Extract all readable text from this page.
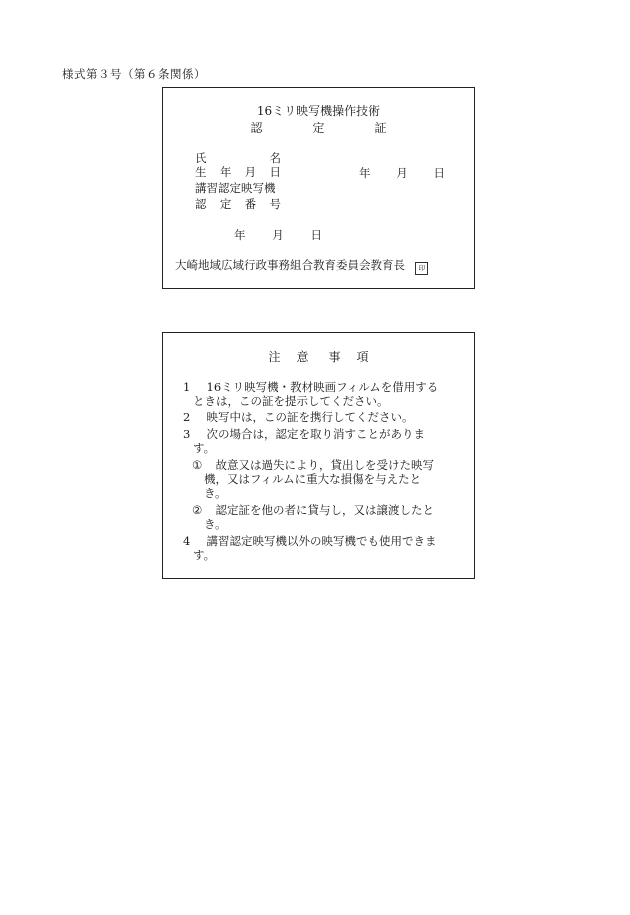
様式第３号（第６条関係）
16ミリ映写機操作技術
認	定	証
氏	名
生 年 月 日	年 月 日
講習認定映写機
認 定 番 号
年 月 日
大崎地域広域行政事務組合教育委員会教育長 印
注 意 事 項
1 　16ミリ映写機・教材映画フィルムを借用する
ときは，この証を提示してください。
2 　映写中は，この証を携行してください。
3 　次の場合は，認定を取り消すことがありま
す。
① 　故意又は過失により，貸出しを受けた映写
機，又はフィルムに重大な損傷を与えたと
き。
② 　認定証を他の者に貸与し，又は譲渡したと
き。
4 　講習認定映写機以外の映写機でも使用できま
す。
